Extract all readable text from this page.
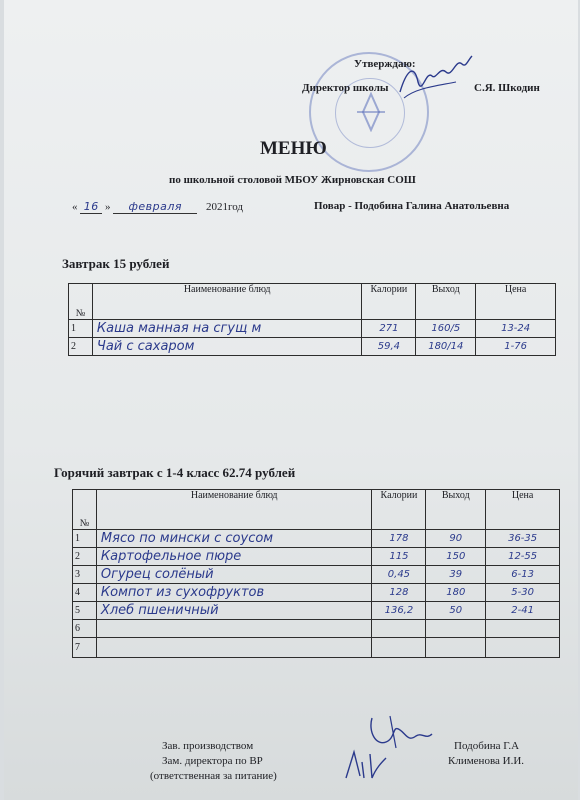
Утверждаю:
Директор школы	С.Я. Шкодин
МЕНЮ
по школьной столовой МБОУ Жирновская СОШ
« 16 » февраля 2021год	Повар - Подобина Галина Анатольевна
Завтрак 15 рублей
№	Наименование блюд	Калории	Выход	Цена
1	Каша манная на сгущ м	271	160/5	13-24
2	Чай с сахаром	59,4	180/14	1-76
Горячий завтрак с 1-4 класс 62.74 рублей
№	Наименование блюд	Калории	Выход	Цена
1	Мясо по мински с соусом	178	90	36-35
2	Картофельное пюре	115	150	12-55
3	Огурец солёный	0,45	39	6-13
4	Компот из сухофруктов	128	180	5-30
5	Хлеб пшеничный	136,2	50	2-41
6				
7				
Зав. производством
Зам. директора по ВР
(ответственная за питание)
Подобина Г.А
Клименова И.И.
